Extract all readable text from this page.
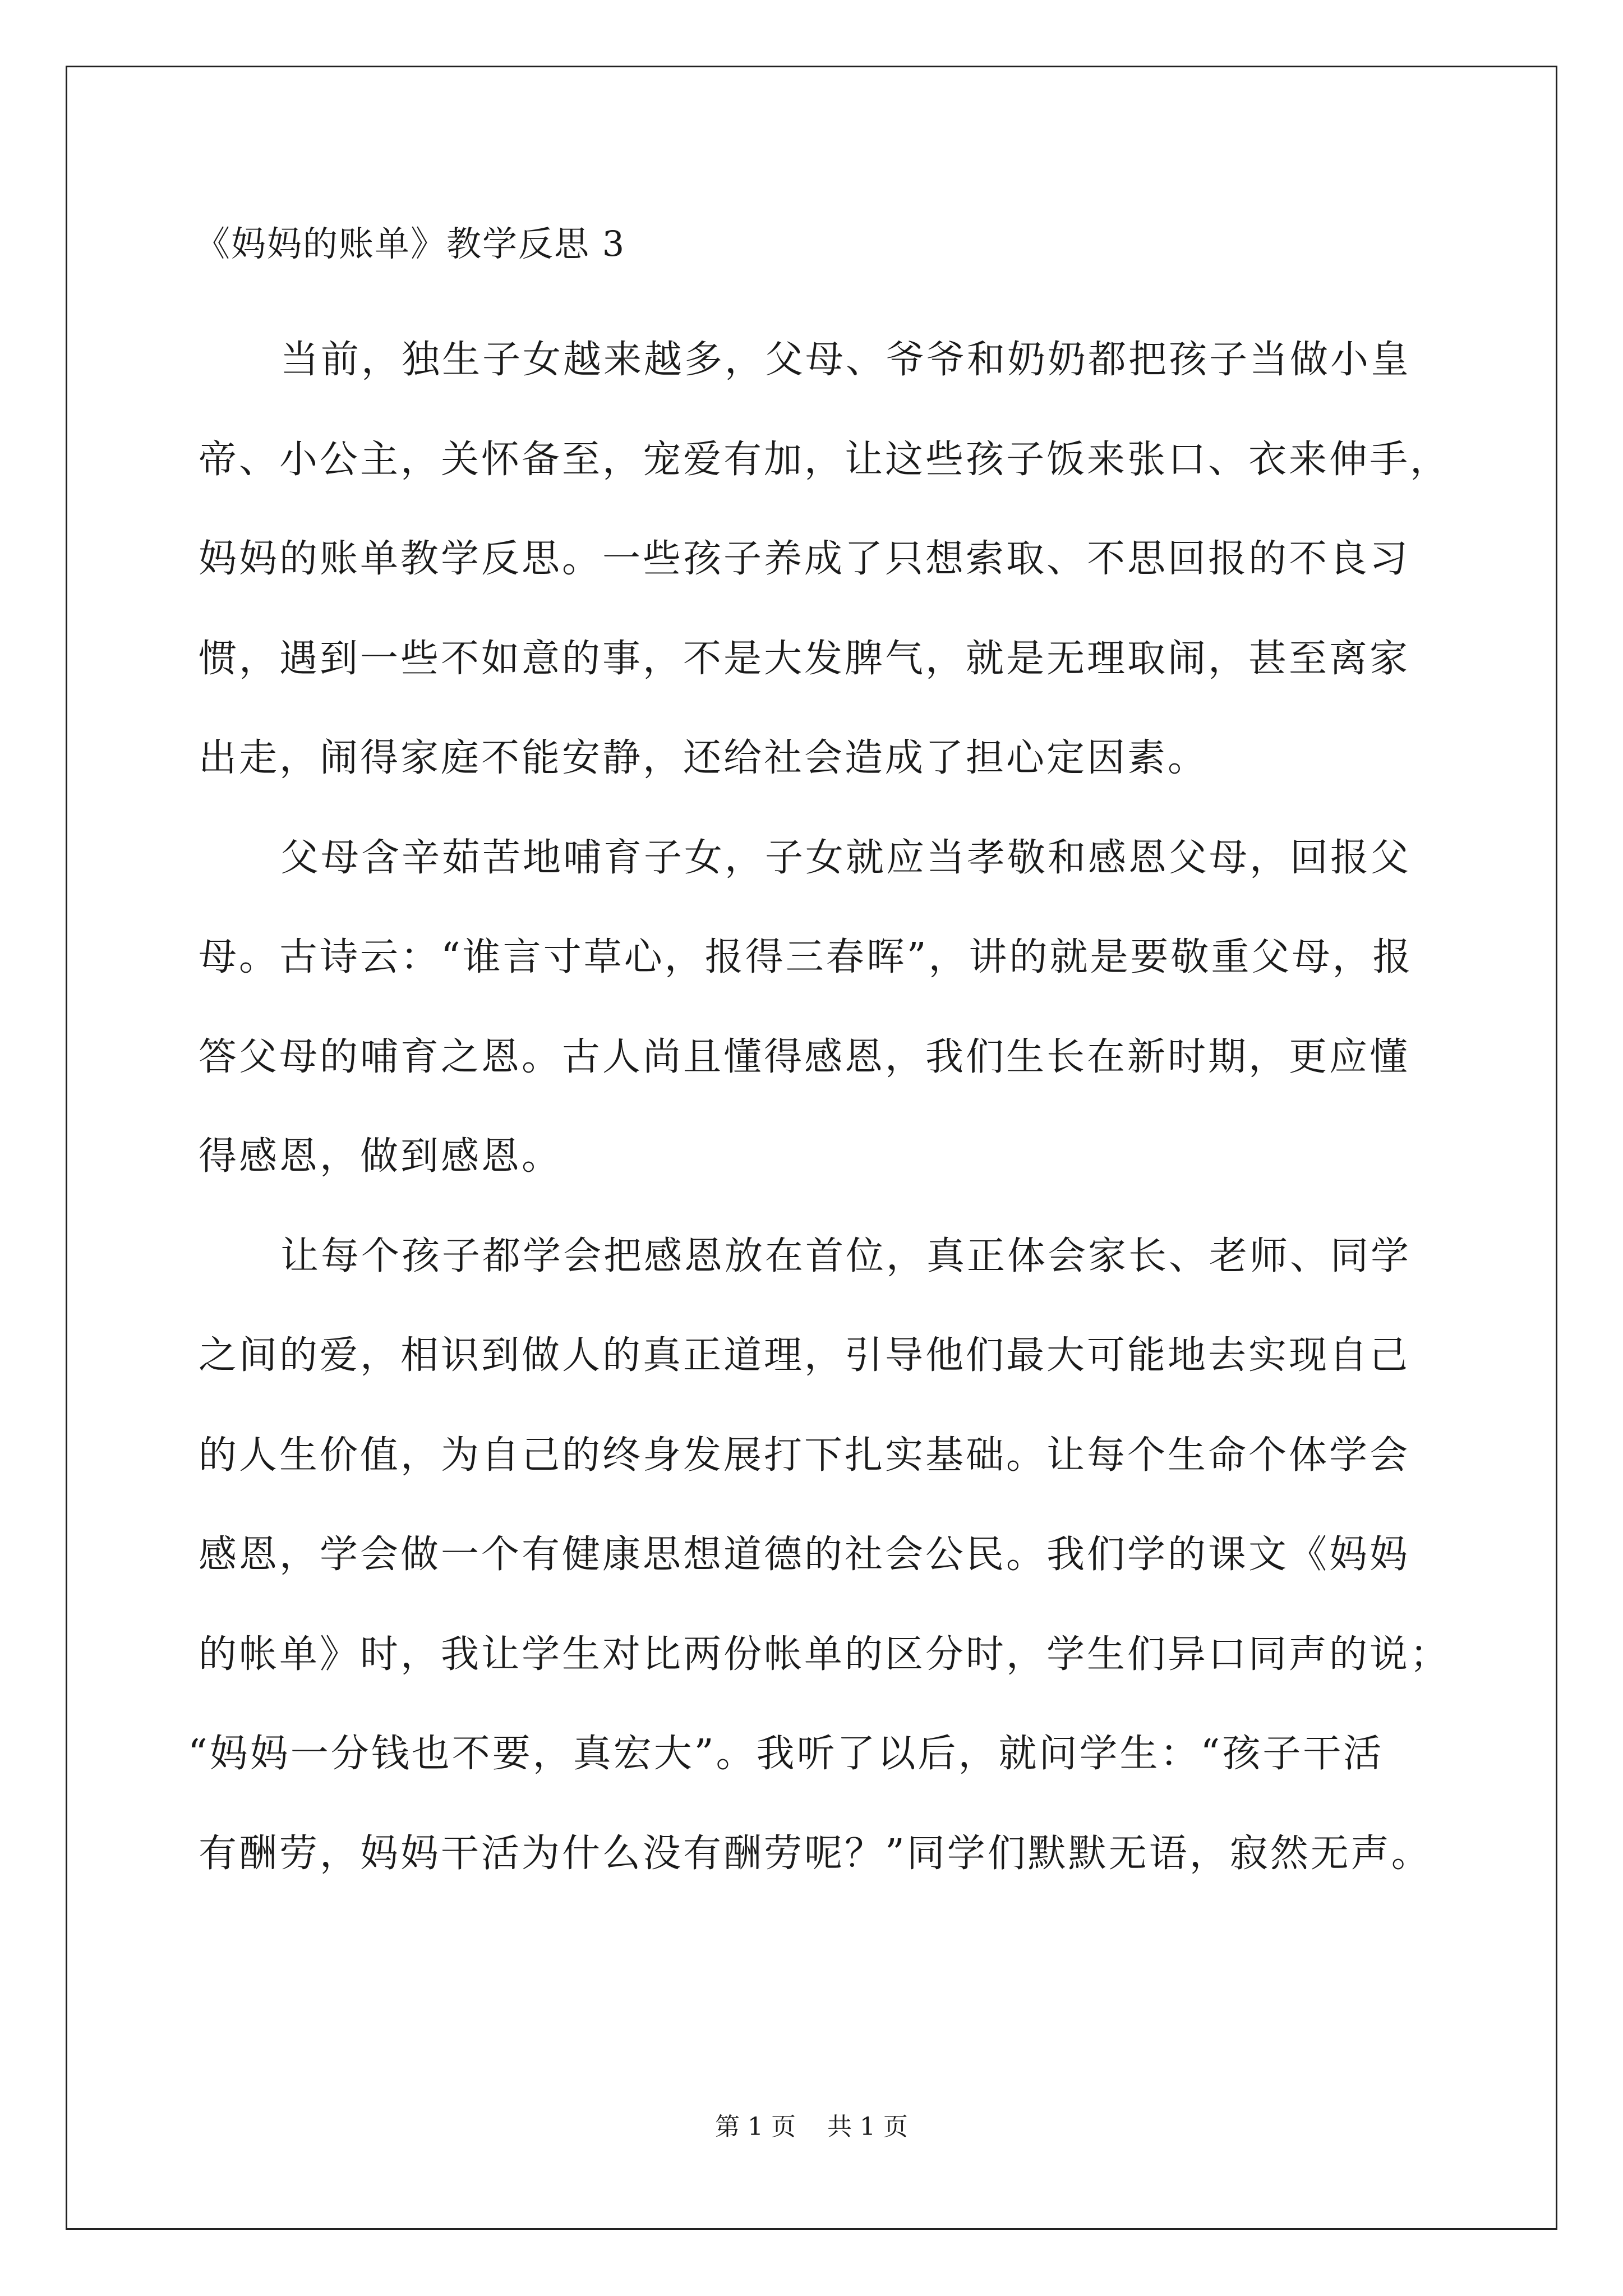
《妈妈的账单》教学反思 3
当前，独生子女越来越多，父母、爷爷和奶奶都把孩子当做小皇
帝、小公主，关怀备至，宠爱有加，让这些孩子饭来张口、衣来伸手，
妈妈的账单教学反思。一些孩子养成了只想索取、不思回报的不良习
惯，遇到一些不如意的事，不是大发脾气，就是无理取闹，甚至离家
出走，闹得家庭不能安静，还给社会造成了担心定因素。
父母含辛茹苦地哺育子女，子女就应当孝敬和感恩父母，回报父
母。古诗云：“谁言寸草心，报得三春晖”，讲的就是要敬重父母，报
答父母的哺育之恩。古人尚且懂得感恩，我们生长在新时期，更应懂
得感恩，做到感恩。
让每个孩子都学会把感恩放在首位，真正体会家长、老师、同学
之间的爱，相识到做人的真正道理，引导他们最大可能地去实现自己
的人生价值，为自己的终身发展打下扎实基础。让每个生命个体学会
感恩，学会做一个有健康思想道德的社会公民。我们学的课文《妈妈
的帐单》时，我让学生对比两份帐单的区分时，学生们异口同声的说；
“妈妈一分钱也不要，真宏大”。我听了以后，就问学生：“孩子干活
有酬劳，妈妈干活为什么没有酬劳呢？”同学们默默无语，寂然无声。
第 1 页    共 1 页
